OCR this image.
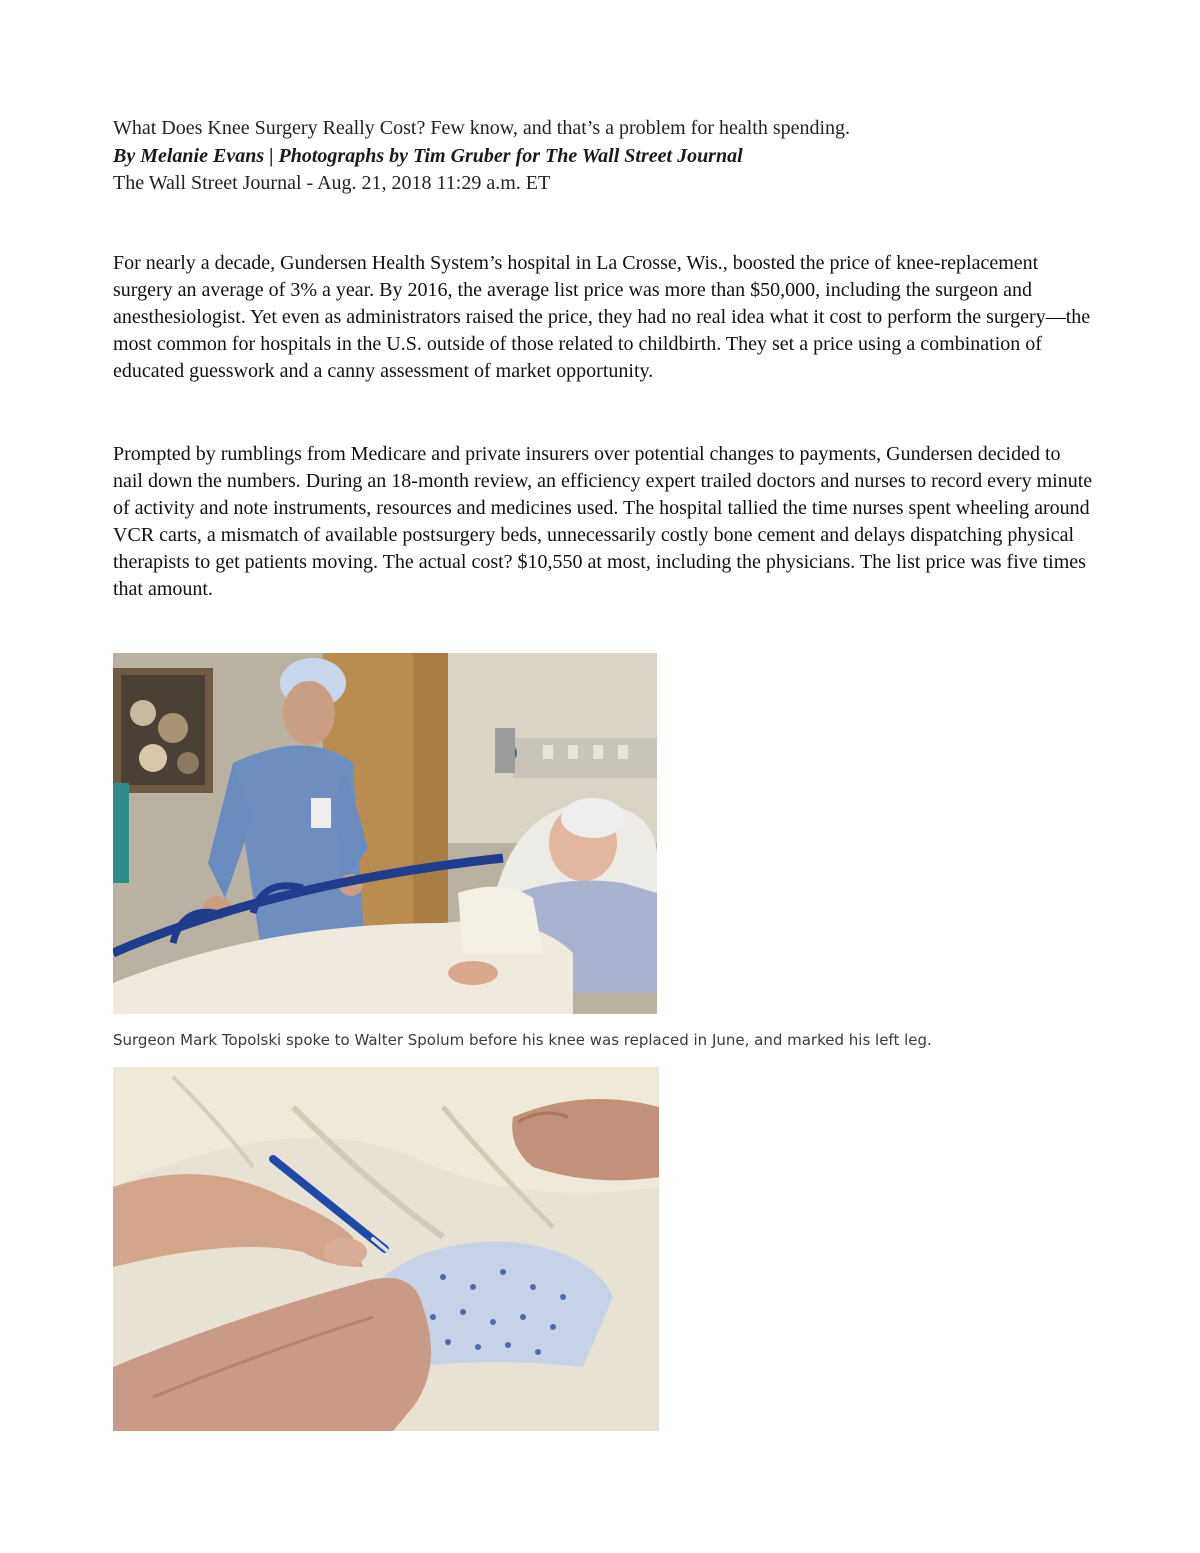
What Does Knee Surgery Really Cost? Few know, and that’s a problem for health spending.
By Melanie Evans | Photographs by Tim Gruber for The Wall Street Journal
The Wall Street Journal - Aug. 21, 2018 11:29 a.m. ET

For nearly a decade, Gundersen Health System’s hospital in La Crosse, Wis., boosted the price of knee-replacement surgery an average of 3% a year. By 2016, the average list price was more than $50,000, including the surgeon and anesthesiologist. Yet even as administrators raised the price, they had no real idea what it cost to perform the surgery—the most common for hospitals in the U.S. outside of those related to childbirth. They set a price using a combination of educated guesswork and a canny assessment of market opportunity.

Prompted by rumblings from Medicare and private insurers over potential changes to payments, Gundersen decided to nail down the numbers. During an 18-month review, an efficiency expert trailed doctors and nurses to record every minute of activity and note instruments, resources and medicines used. The hospital tallied the time nurses spent wheeling around VCR carts, a mismatch of available postsurgery beds, unnecessarily costly bone cement and delays dispatching physical therapists to get patients moving. The actual cost? $10,550 at most, including the physicians. The list price was five times that amount.

Surgeon Mark Topolski spoke to Walter Spolum before his knee was replaced in June, and marked his left leg.
